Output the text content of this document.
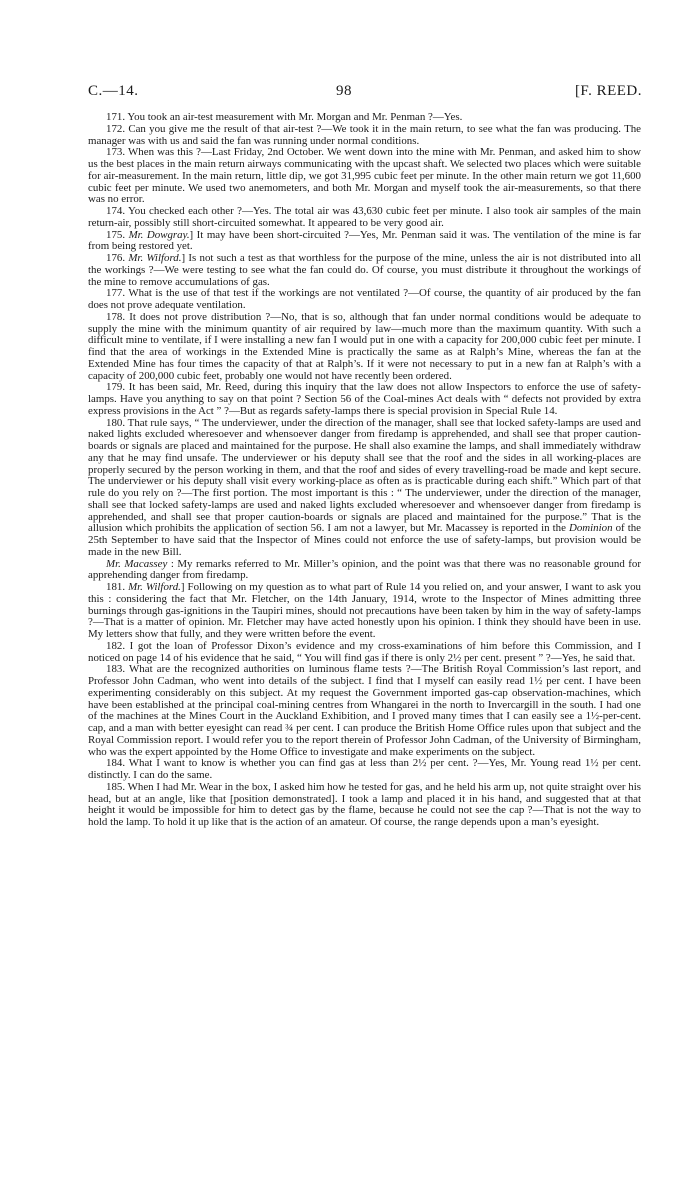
C.—14.	98	[F. REED.

171. You took an air-test measurement with Mr. Morgan and Mr. Penman ?—Yes.

172. Can you give me the result of that air-test ?—We took it in the main return, to see what the fan was producing. The manager was with us and said the fan was running under normal conditions.

173. When was this ?—Last Friday, 2nd October. We went down into the mine with Mr. Penman, and asked him to show us the best places in the main return airways communicating with the upcast shaft. We selected two places which were suitable for air-measurement. In the main return, little dip, we got 31,995 cubic feet per minute. In the other main return we got 11,600 cubic feet per minute. We used two anemometers, and both Mr. Morgan and myself took the air-measurements, so that there was no error.

174. You checked each other ?—Yes. The total air was 43,630 cubic feet per minute. I also took air samples of the main return-air, possibly still short-circuited somewhat. It appeared to be very good air.

175. Mr. Dowgray.] It may have been short-circuited ?—Yes, Mr. Penman said it was. The ventilation of the mine is far from being restored yet.

176. Mr. Wilford.] Is not such a test as that worthless for the purpose of the mine, unless the air is not distributed into all the workings ?—We were testing to see what the fan could do. Of course, you must distribute it throughout the workings of the mine to remove accumulations of gas.

177. What is the use of that test if the workings are not ventilated ?—Of course, the quantity of air produced by the fan does not prove adequate ventilation.

178. It does not prove distribution ?—No, that is so, although that fan under normal conditions would be adequate to supply the mine with the minimum quantity of air required by law—much more than the maximum quantity. With such a difficult mine to ventilate, if I were installing a new fan I would put in one with a capacity for 200,000 cubic feet per minute. I find that the area of workings in the Extended Mine is practically the same as at Ralph’s Mine, whereas the fan at the Extended Mine has four times the capacity of that at Ralph’s. If it were not necessary to put in a new fan at Ralph’s with a capacity of 200,000 cubic feet, probably one would not have recently been ordered.

179. It has been said, Mr. Reed, during this inquiry that the law does not allow Inspectors to enforce the use of safety-lamps. Have you anything to say on that point ? Section 56 of the Coal-mines Act deals with “ defects not provided by extra express provisions in the Act ” ?—But as regards safety-lamps there is special provision in Special Rule 14.

180. That rule says, “ The underviewer, under the direction of the manager, shall see that locked safety-lamps are used and naked lights excluded wheresoever and whensoever danger from firedamp is apprehended, and shall see that proper caution-boards or signals are placed and maintained for the purpose. He shall also examine the lamps, and shall immediately withdraw any that he may find unsafe. The underviewer or his deputy shall see that the roof and the sides in all working-places are properly secured by the person working in them, and that the roof and sides of every travelling-road be made and kept secure. The underviewer or his deputy shall visit every working-place as often as is practicable during each shift.” Which part of that rule do you rely on ?—The first portion. The most important is this : “ The underviewer, under the direction of the manager, shall see that locked safety-lamps are used and naked lights excluded wheresoever and whensoever danger from firedamp is apprehended, and shall see that proper caution-boards or signals are placed and maintained for the purpose.” That is the allusion which prohibits the application of section 56. I am not a lawyer, but Mr. Macassey is reported in the Dominion of the 25th September to have said that the Inspector of Mines could not enforce the use of safety-lamps, but provision would be made in the new Bill.

Mr. Macassey : My remarks referred to Mr. Miller’s opinion, and the point was that there was no reasonable ground for apprehending danger from firedamp.

181. Mr. Wilford.] Following on my question as to what part of Rule 14 you relied on, and your answer, I want to ask you this : considering the fact that Mr. Fletcher, on the 14th January, 1914, wrote to the Inspector of Mines admitting three burnings through gas-ignitions in the Taupiri mines, should not precautions have been taken by him in the way of safety-lamps ?—That is a matter of opinion. Mr. Fletcher may have acted honestly upon his opinion. I think they should have been in use. My letters show that fully, and they were written before the event.

182. I got the loan of Professor Dixon’s evidence and my cross-examinations of him before this Commission, and I noticed on page 14 of his evidence that he said, “ You will find gas if there is only 2½ per cent. present ” ?—Yes, he said that.

183. What are the recognized authorities on luminous flame tests ?—The British Royal Commission’s last report, and Professor John Cadman, who went into details of the subject. I find that I myself can easily read 1½ per cent. I have been experimenting considerably on this subject. At my request the Government imported gas-cap observation-machines, which have been established at the principal coal-mining centres from Whangarei in the north to Invercargill in the south. I had one of the machines at the Mines Court in the Auckland Exhibition, and I proved many times that I can easily see a 1½-per-cent. cap, and a man with better eyesight can read ¾ per cent. I can produce the British Home Office rules upon that subject and the Royal Commission report. I would refer you to the report therein of Professor John Cadman, of the University of Birmingham, who was the expert appointed by the Home Office to investigate and make experiments on the subject.

184. What I want to know is whether you can find gas at less than 2½ per cent. ?—Yes, Mr. Young read 1½ per cent. distinctly. I can do the same.

185. When I had Mr. Wear in the box, I asked him how he tested for gas, and he held his arm up, not quite straight over his head, but at an angle, like that [position demonstrated]. I took a lamp and placed it in his hand, and suggested that at that height it would be impossible for him to detect gas by the flame, because he could not see the cap ?—That is not the way to hold the lamp. To hold it up like that is the action of an amateur. Of course, the range depends upon a man’s eyesight.
